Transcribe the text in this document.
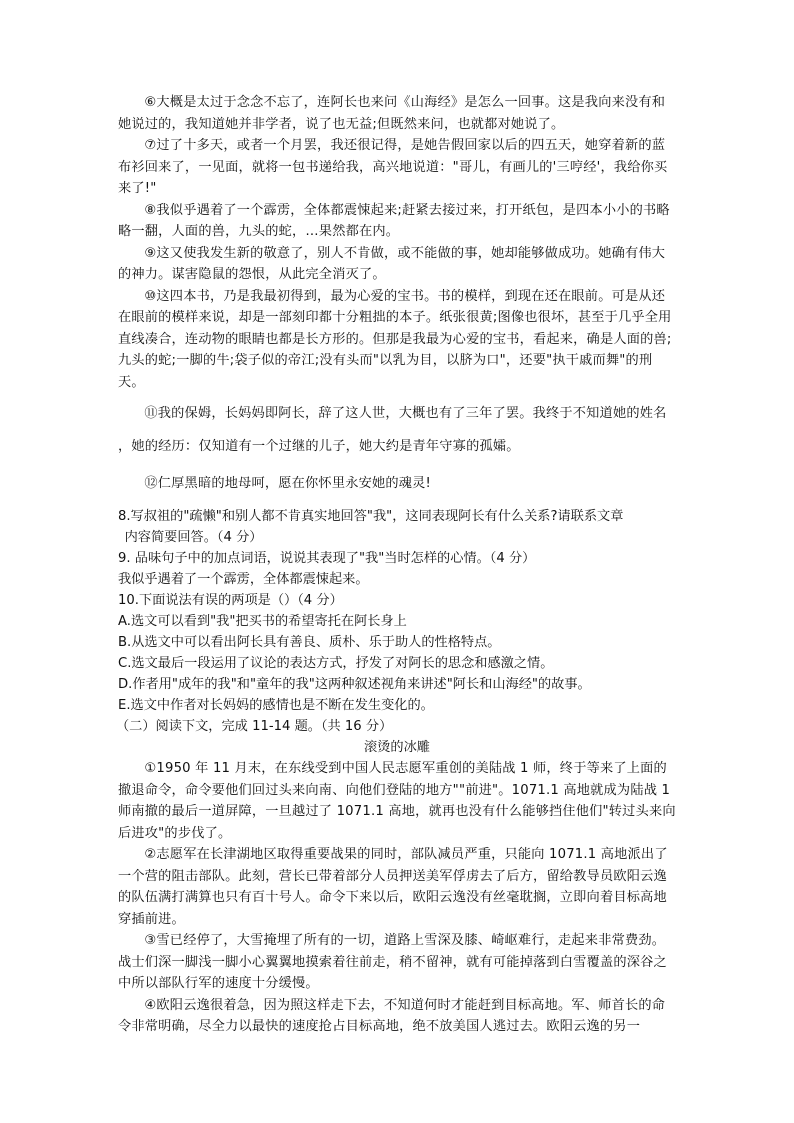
⑥大概是太过于念念不忘了，连阿长也来问《山海经》是怎么一回事。这是我向来没有和她说过的，我知道她并非学者，说了也无益;但既然来问，也就都对她说了。

⑦过了十多天，或者一个月罢，我还很记得，是她告假回家以后的四五天，她穿着新的蓝布衫回来了，一见面，就将一包书递给我，高兴地说道："哥儿，有画儿的'三哼经'，我给你买来了!"

⑧我似乎遇着了一个霹雳，全体都震悚起来;赶紧去接过来，打开纸包，是四本小小的书略略一翻，人面的兽，九头的蛇，…果然都在内。

⑨这又使我发生新的敬意了，别人不肯做，或不能做的事，她却能够做成功。她确有伟大的神力。谋害隐鼠的怨恨，从此完全消灭了。

⑩这四本书，乃是我最初得到，最为心爱的宝书。书的模样，到现在还在眼前。可是从还在眼前的模样来说，却是一部刻印都十分粗拙的本子。纸张很黄;图像也很坏，甚至于几乎全用直线凑合，连动物的眼睛也都是长方形的。但那是我最为心爱的宝书，看起来，确是人面的兽;九头的蛇;一脚的牛;袋子似的帝江;没有头而"以乳为目，以脐为口"，还要"执干戚而舞"的刑天。

⑪我的保姆，长妈妈即阿长，辞了这人世，大概也有了三年了罢。我终于不知道她的姓名 ，她的经历：仅知道有一个过继的儿子，她大约是青年守寡的孤孀。

⑫仁厚黑暗的地母呵，愿在你怀里永安她的魂灵!

8.写叔祖的"疏懒"和别人都不肯真实地回答"我"，这同表现阿长有什么关系?请联系文章

内容简要回答。（4 分）

9. 品味句子中的加点词语，说说其表现了"我"当时怎样的心情。（4 分）

我似乎遇着了一个霹雳，全体都震悚起来。

10.下面说法有误的两项是（）（4 分）

A.选文可以看到"我"把买书的希望寄托在阿长身上

B.从选文中可以看出阿长具有善良、质朴、乐于助人的性格特点。

C.选文最后一段运用了议论的表达方式，抒发了对阿长的思念和感激之情。

D.作者用"成年的我"和"童年的我"这两种叙述视角来讲述"阿长和山海经"的故事。

E.选文中作者对长妈妈的感情也是不断在发生变化的。

（二）阅读下文，完成 11-14 题。（共 16 分）

滚烫的冰雕

①1950 年 11 月末，在东线受到中国人民志愿军重创的美陆战 1 师，终于等来了上面的撤退命令，命令要他们回过头来向南、向他们登陆的地方""前进"。1071.1 高地就成为陆战 1 师南撤的最后一道屏障，一旦越过了 1071.1 高地，就再也没有什么能够挡住他们"转过头来向后进攻"的步伐了。

②志愿军在长津湖地区取得重要战果的同时，部队减员严重，只能向 1071.1 高地派出了一个营的阻击部队。此刻，营长已带着部分人员押送美军俘虏去了后方，留给教导员欧阳云逸的队伍满打满算也只有百十号人。命令下来以后，欧阳云逸没有丝毫耽搁，立即向着目标高地穿插前进。

③雪已经停了，大雪掩埋了所有的一切，道路上雪深及膝、崎岖难行，走起来非常费劲。战士们深一脚浅一脚小心翼翼地摸索着往前走，稍不留神，就有可能掉落到白雪覆盖的深谷之中所以部队行军的速度十分缓慢。

④欧阳云逸很着急，因为照这样走下去，不知道何时才能赶到目标高地。军、师首长的命令非常明确，尽全力以最快的速度抢占目标高地，绝不放美国人逃过去。欧阳云逸的另一
